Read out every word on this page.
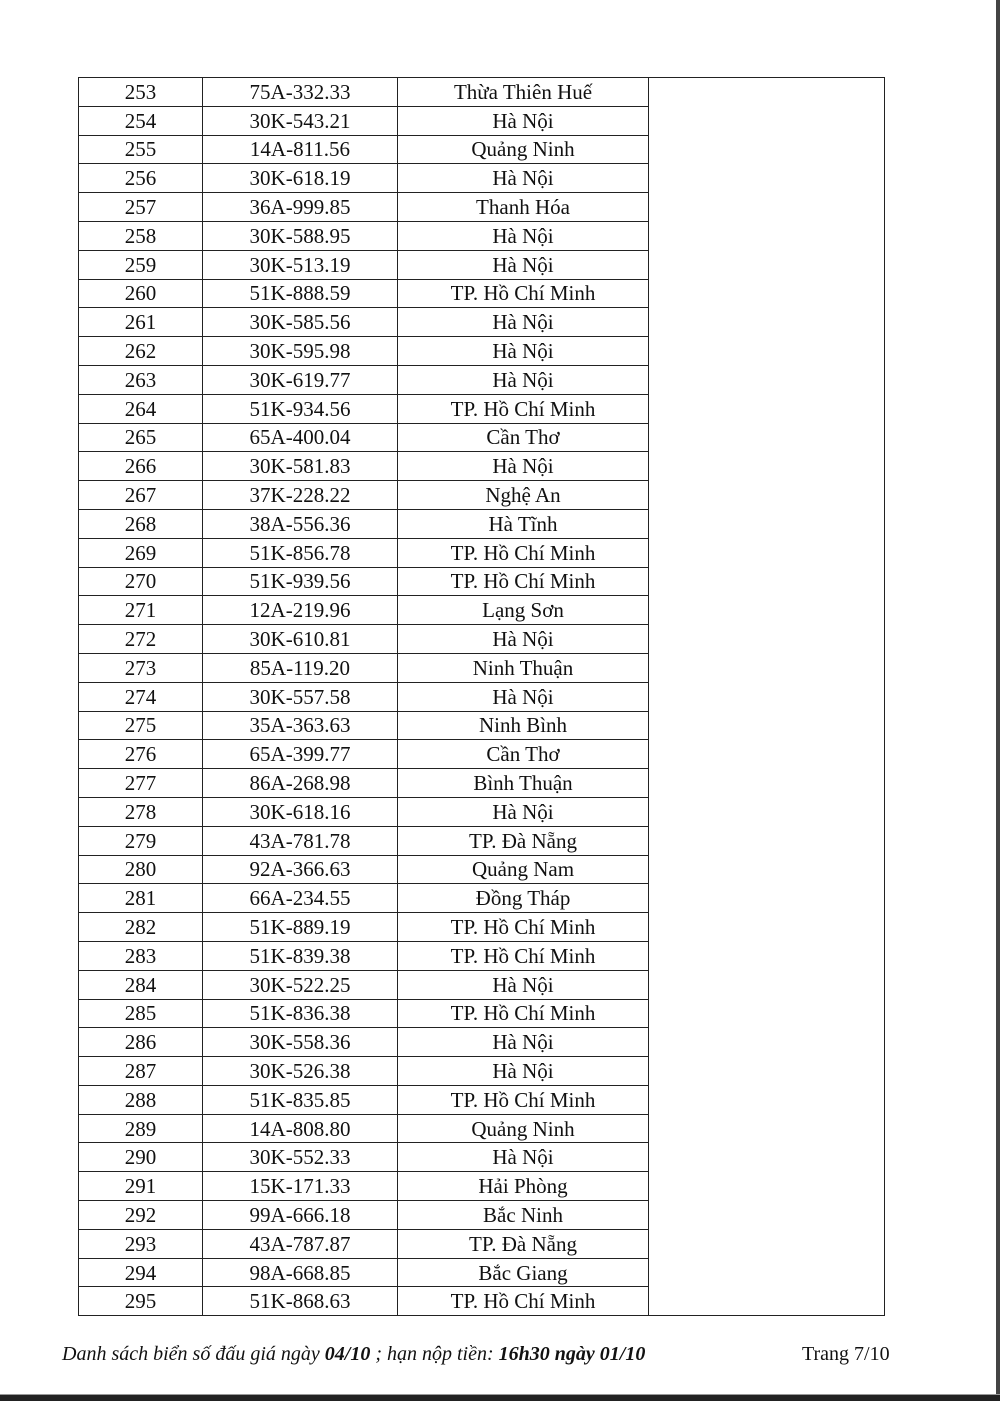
253	75A-332.33	Thừa Thiên Huế	
254	30K-543.21	Hà Nội	
255	14A-811.56	Quảng Ninh	
256	30K-618.19	Hà Nội	
257	36A-999.85	Thanh Hóa	
258	30K-588.95	Hà Nội	
259	30K-513.19	Hà Nội	
260	51K-888.59	TP. Hồ Chí Minh	
261	30K-585.56	Hà Nội	
262	30K-595.98	Hà Nội	
263	30K-619.77	Hà Nội	
264	51K-934.56	TP. Hồ Chí Minh	
265	65A-400.04	Cần Thơ	
266	30K-581.83	Hà Nội	
267	37K-228.22	Nghệ An	
268	38A-556.36	Hà Tĩnh	
269	51K-856.78	TP. Hồ Chí Minh	
270	51K-939.56	TP. Hồ Chí Minh	
271	12A-219.96	Lạng Sơn	
272	30K-610.81	Hà Nội	
273	85A-119.20	Ninh Thuận	
274	30K-557.58	Hà Nội	
275	35A-363.63	Ninh Bình	
276	65A-399.77	Cần Thơ	
277	86A-268.98	Bình Thuận	
278	30K-618.16	Hà Nội	
279	43A-781.78	TP. Đà Nẵng	
280	92A-366.63	Quảng Nam	
281	66A-234.55	Đồng Tháp	
282	51K-889.19	TP. Hồ Chí Minh	
283	51K-839.38	TP. Hồ Chí Minh	
284	30K-522.25	Hà Nội	
285	51K-836.38	TP. Hồ Chí Minh	
286	30K-558.36	Hà Nội	
287	30K-526.38	Hà Nội	
288	51K-835.85	TP. Hồ Chí Minh	
289	14A-808.80	Quảng Ninh	
290	30K-552.33	Hà Nội	
291	15K-171.33	Hải Phòng	
292	99A-666.18	Bắc Ninh	
293	43A-787.87	TP. Đà Nẵng	
294	98A-668.85	Bắc Giang	
295	51K-868.63	TP. Hồ Chí Minh	
Danh sách biển số đấu giá ngày 04/10 ; hạn nộp tiền: 16h30 ngày 01/10	Trang 7/10
